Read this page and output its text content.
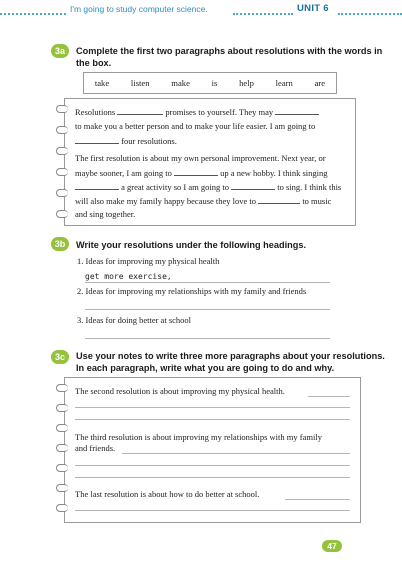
I'm going to study computer science.	UNIT 6
3a	Complete the first two paragraphs about resolutions with the words in
the box.
take	listen	make	is	help	learn	are
Resolutions	promises to yourself. They may
to make you a better person and to make your life easier. I am going to
four resolutions.
The first resolution is about my own personal improvement. Next year, or
maybe sooner, I am going to	up a new hobby. I think singing
a great activity so I am going to	to sing. I think this
will also make my family happy because they love to	to music
and sing together.
3b	Write your resolutions under the following headings.
1. Ideas for improving my physical health
get more exercise,
2. Ideas for improving my relationships with my family and friends
3. Ideas for doing better at school
3c	Use your notes to write three more paragraphs about your resolutions.
In each paragraph, write what you are going to do and why.
The second resolution is about improving my physical health.
The third resolution is about improving my relationships with my family
and friends.
The last resolution is about how to do better at school.
47
